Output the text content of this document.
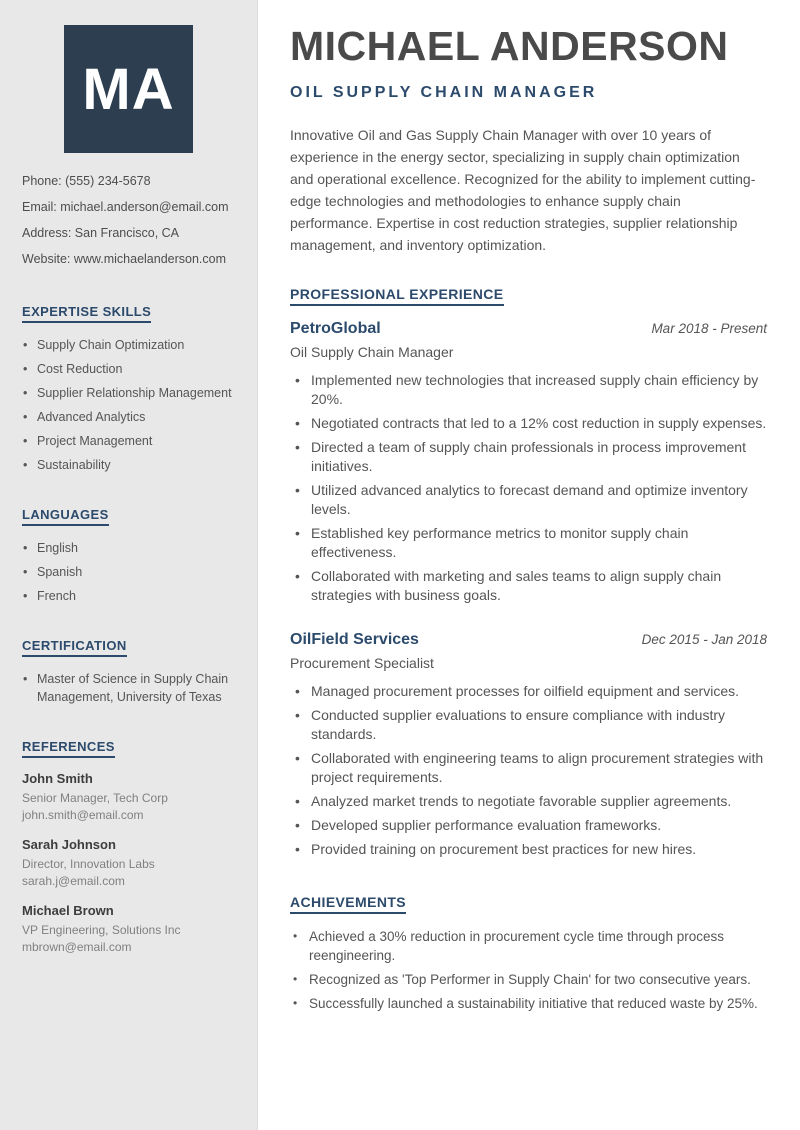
MA
Phone: (555) 234-5678
Email: michael.anderson@email.com
Address: San Francisco, CA
Website: www.michaelanderson.com
EXPERTISE SKILLS
• Supply Chain Optimization
• Cost Reduction
• Supplier Relationship Management
• Advanced Analytics
• Project Management
• Sustainability
LANGUAGES
• English
• Spanish
• French
CERTIFICATION
• Master of Science in Supply Chain Management, University of Texas
REFERENCES
John Smith
Senior Manager, Tech Corp
john.smith@email.com
Sarah Johnson
Director, Innovation Labs
sarah.j@email.com
Michael Brown
VP Engineering, Solutions Inc
mbrown@email.com
MICHAEL ANDERSON
OIL SUPPLY CHAIN MANAGER

Innovative Oil and Gas Supply Chain Manager with over 10 years of experience in the energy sector, specializing in supply chain optimization and operational excellence. Recognized for the ability to implement cutting-edge technologies and methodologies to enhance supply chain performance. Expertise in cost reduction strategies, supplier relationship management, and inventory optimization.

PROFESSIONAL EXPERIENCE
PetroGlobal	Mar 2018 - Present
Oil Supply Chain Manager
• Implemented new technologies that increased supply chain efficiency by 20%.
• Negotiated contracts that led to a 12% cost reduction in supply expenses.
• Directed a team of supply chain professionals in process improvement initiatives.
• Utilized advanced analytics to forecast demand and optimize inventory levels.
• Established key performance metrics to monitor supply chain effectiveness.
• Collaborated with marketing and sales teams to align supply chain strategies with business goals.
OilField Services	Dec 2015 - Jan 2018
Procurement Specialist
• Managed procurement processes for oilfield equipment and services.
• Conducted supplier evaluations to ensure compliance with industry standards.
• Collaborated with engineering teams to align procurement strategies with project requirements.
• Analyzed market trends to negotiate favorable supplier agreements.
• Developed supplier performance evaluation frameworks.
• Provided training on procurement best practices for new hires.
ACHIEVEMENTS
• Achieved a 30% reduction in procurement cycle time through process reengineering.
• Recognized as 'Top Performer in Supply Chain' for two consecutive years.
• Successfully launched a sustainability initiative that reduced waste by 25%.
